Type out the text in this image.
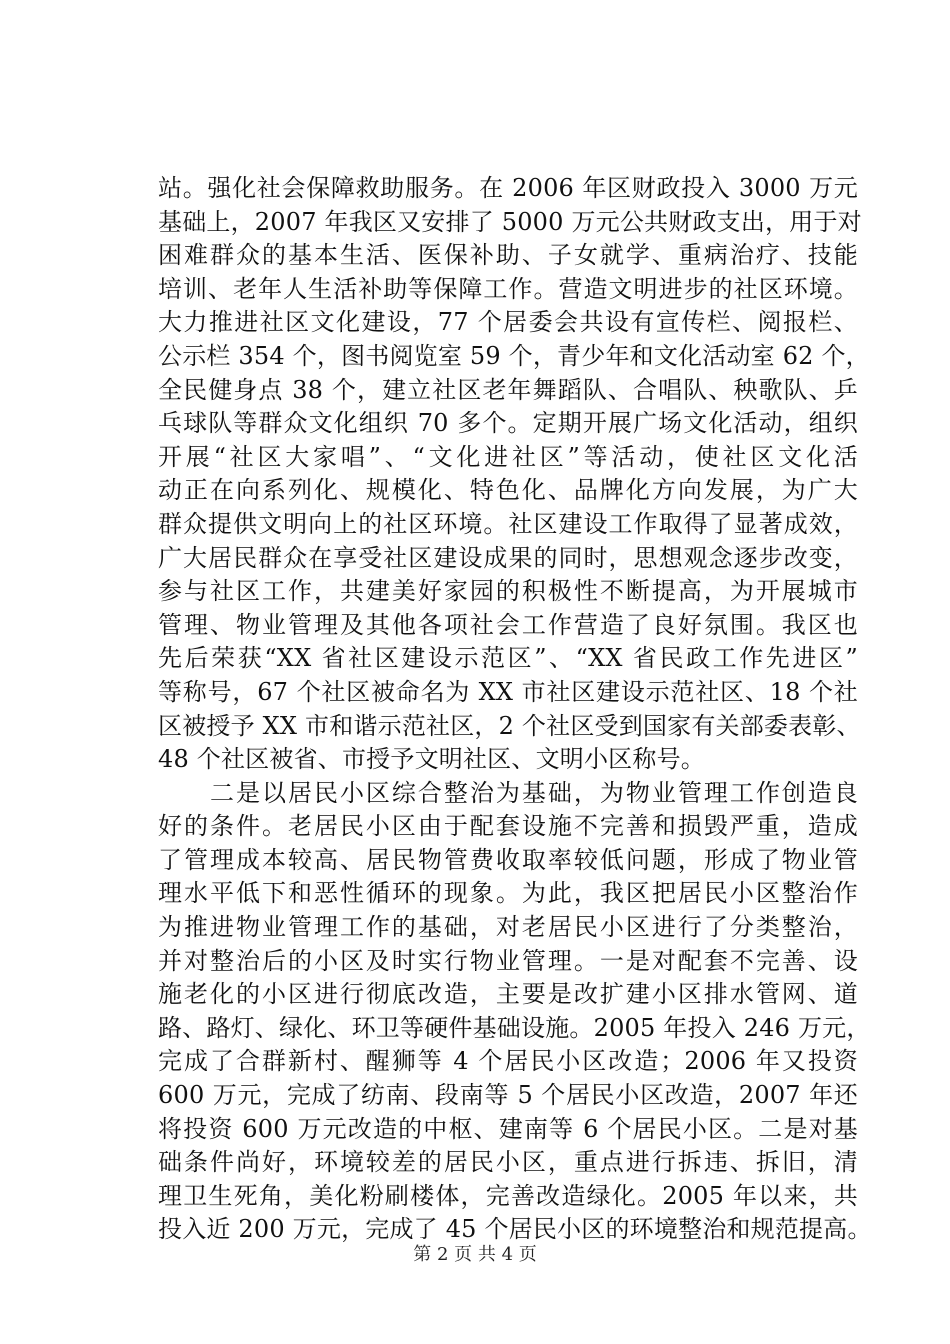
站。强化社会保障救助服务。在 2006 年区财政投入 3000 万元
基础上，2007 年我区又安排了 5000 万元公共财政支出，用于对
困难群众的基本生活、医保补助、子女就学、重病治疗、技能
培训、老年人生活补助等保障工作。营造文明进步的社区环境。
大力推进社区文化建设，77 个居委会共设有宣传栏、阅报栏、
公示栏 354 个，图书阅览室 59 个，青少年和文化活动室 62 个，
全民健身点 38 个，建立社区老年舞蹈队、合唱队、秧歌队、乒
乓球队等群众文化组织 70 多个。定期开展广场文化活动，组织
开展“社区大家唱”、“文化进社区”等活动，使社区文化活
动正在向系列化、规模化、特色化、品牌化方向发展，为广大
群众提供文明向上的社区环境。社区建设工作取得了显著成效，
广大居民群众在享受社区建设成果的同时，思想观念逐步改变，
参与社区工作，共建美好家园的积极性不断提高，为开展城市
管理、物业管理及其他各项社会工作营造了良好氛围。我区也
先后荣获“XX 省社区建设示范区”、“XX 省民政工作先进区”
等称号，67 个社区被命名为 XX 市社区建设示范社区、18 个社
区被授予 XX 市和谐示范社区，2 个社区受到国家有关部委表彰、
48 个社区被省、市授予文明社区、文明小区称号。
　　二是以居民小区综合整治为基础，为物业管理工作创造良
好的条件。老居民小区由于配套设施不完善和损毁严重，造成
了管理成本较高、居民物管费收取率较低问题，形成了物业管
理水平低下和恶性循环的现象。为此，我区把居民小区整治作
为推进物业管理工作的基础，对老居民小区进行了分类整治，
并对整治后的小区及时实行物业管理。一是对配套不完善、设
施老化的小区进行彻底改造，主要是改扩建小区排水管网、道
路、路灯、绿化、环卫等硬件基础设施。2005 年投入 246 万元，
完成了合群新村、醒狮等 4 个居民小区改造；2006 年又投资
600 万元，完成了纺南、段南等 5 个居民小区改造，2007 年还
将投资 600 万元改造的中枢、建南等 6 个居民小区。二是对基
础条件尚好，环境较差的居民小区，重点进行拆违、拆旧，清
理卫生死角，美化粉刷楼体，完善改造绿化。2005 年以来，共
投入近 200 万元，完成了 45 个居民小区的环境整治和规范提高。
第 2 页 共 4 页
